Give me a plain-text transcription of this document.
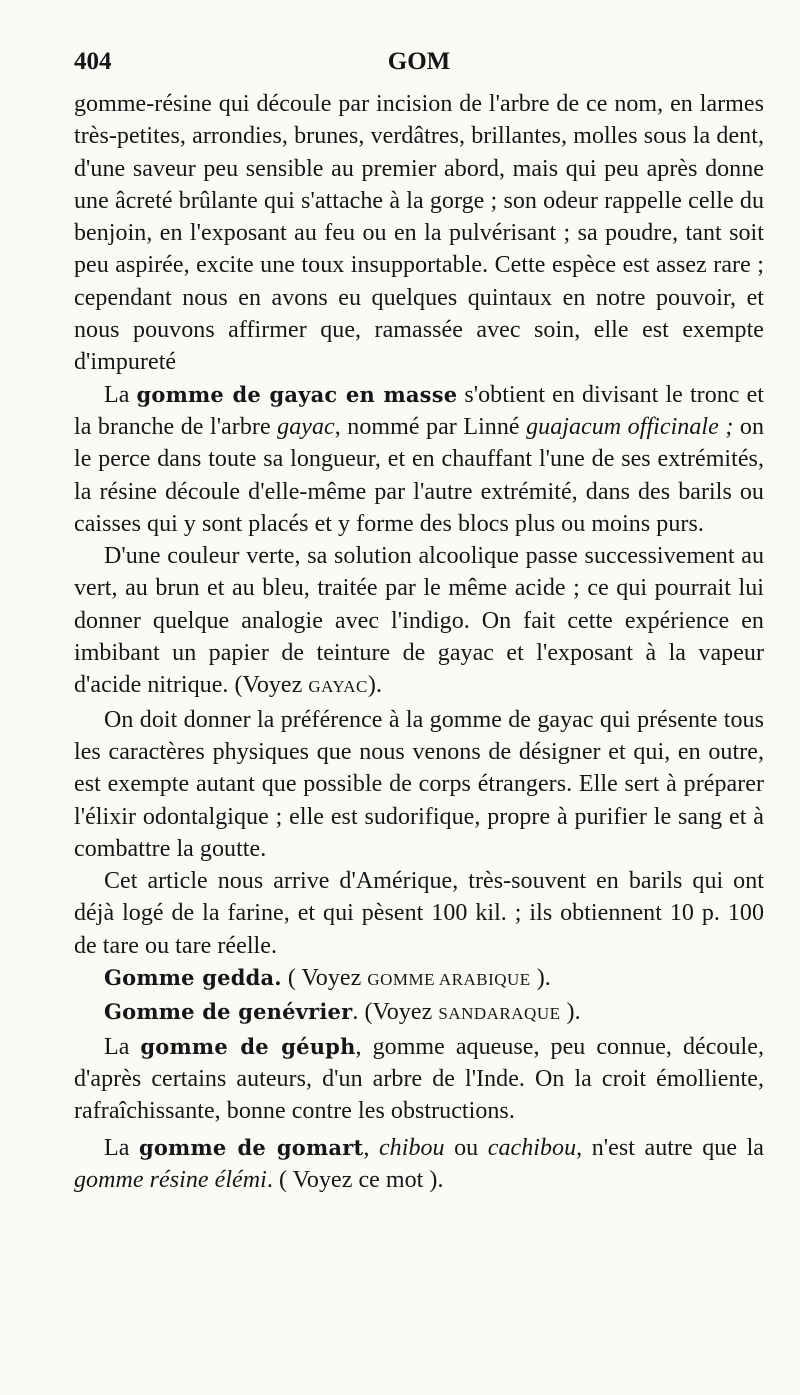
404	GOM

gomme-résine qui découle par incision de l'arbre de ce nom, en larmes très-petites, arrondies, brunes, verdâtres, brillantes, molles sous la dent, d'une saveur peu sensible au premier abord, mais qui peu après donne une âcreté brûlante qui s'attache à la gorge ; son odeur rappelle celle du benjoin, en l'exposant au feu ou en la pulvérisant ; sa poudre, tant soit peu aspirée, excite une toux insupportable. Cette espèce est assez rare ; cependant nous en avons eu quelques quintaux en notre pouvoir, et nous pouvons affirmer que, ramassée avec soin, elle est exempte d'impureté

La gomme de gayac en masse s'obtient en divisant le tronc et la branche de l'arbre gayac, nommé par Linné guajacum officinale ; on le perce dans toute sa longueur, et en chauffant l'une de ses extrémités, la résine découle d'elle-même par l'autre extrémité, dans des barils ou caisses qui y sont placés et y forme des blocs plus ou moins purs.

D'une couleur verte, sa solution alcoolique passe successivement au vert, au brun et au bleu, traitée par le même acide ; ce qui pourrait lui donner quelque analogie avec l'indigo. On fait cette expérience en imbibant un papier de teinture de gayac et l'exposant à la vapeur d'acide nitrique. (Voyez GAYAC).

On doit donner la préférence à la gomme de gayac qui présente tous les caractères physiques que nous venons de désigner et qui, en outre, est exempte autant que possible de corps étrangers. Elle sert à préparer l'élixir odontalgique ; elle est sudorifique, propre à purifier le sang et à combattre la goutte.

Cet article nous arrive d'Amérique, très-souvent en barils qui ont déjà logé de la farine, et qui pèsent 100 kil. ; ils obtiennent 10 p. 100 de tare ou tare réelle.

Gomme gedda. ( Voyez GOMME ARABIQUE ).

Gomme de genévrier. (Voyez SANDARAQUE ).

La gomme de géuph, gomme aqueuse, peu connue, découle, d'après certains auteurs, d'un arbre de l'Inde. On la croit émolliente, rafraîchissante, bonne contre les obstructions.

La gomme de gomart, chibou ou cachibou, n'est autre que la gomme résine élémi. ( Voyez ce mot ).
